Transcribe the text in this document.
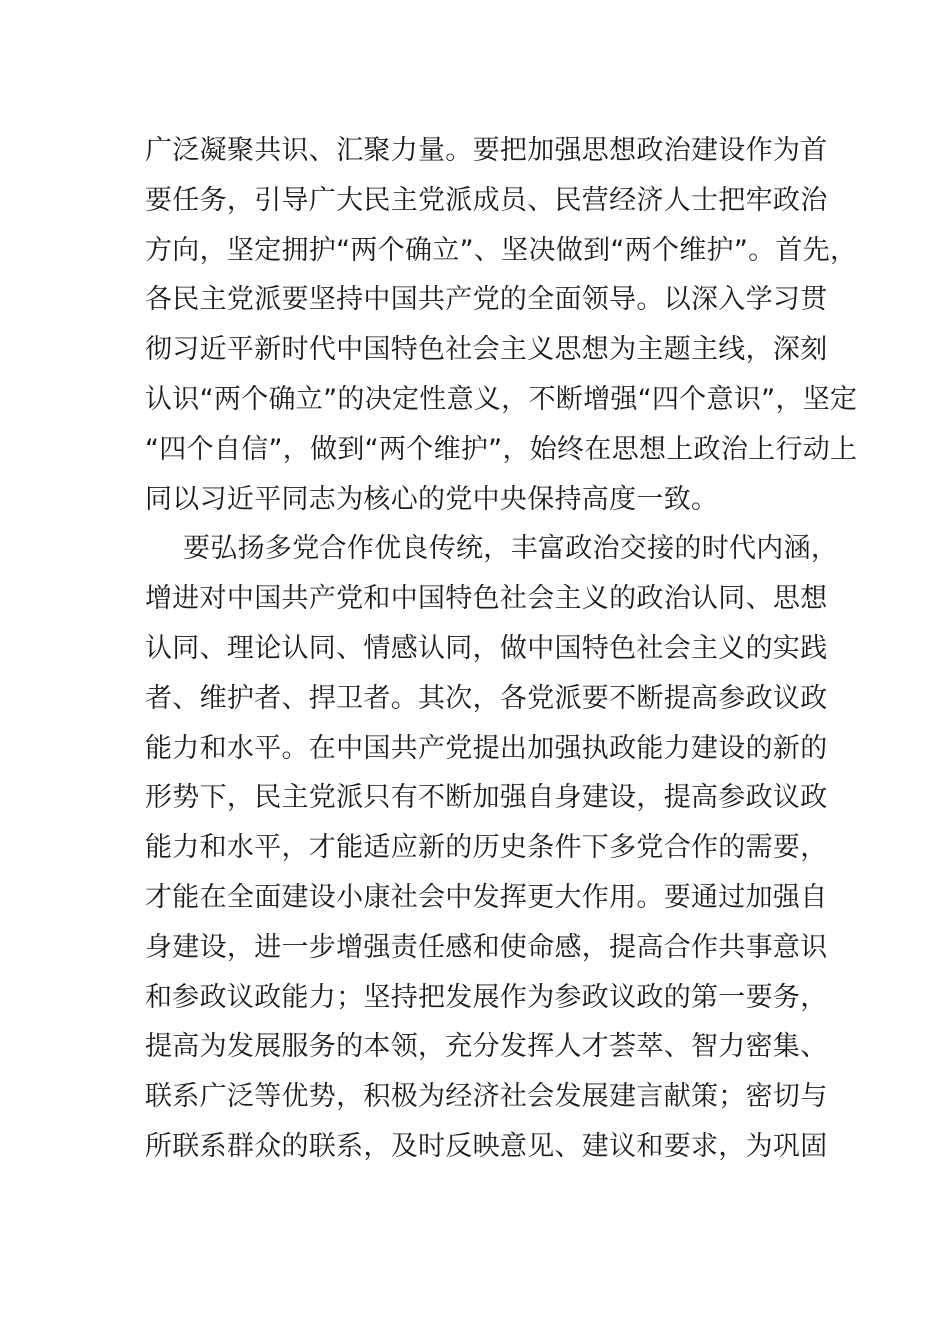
广泛凝聚共识、汇聚力量。要把加强思想政治建设作为首
要任务，引导广大民主党派成员、民营经济人士把牢政治
方向，坚定拥护“两个确立”、坚决做到“两个维护”。首先，
各民主党派要坚持中国共产党的全面领导。以深入学习贯
彻习近平新时代中国特色社会主义思想为主题主线，深刻
认识“两个确立”的决定性意义，不断增强“四个意识”，坚定
“四个自信”，做到“两个维护”，始终在思想上政治上行动上
同以习近平同志为核心的党中央保持高度一致。
要弘扬多党合作优良传统，丰富政治交接的时代内涵，
增进对中国共产党和中国特色社会主义的政治认同、思想
认同、理论认同、情感认同，做中国特色社会主义的实践
者、维护者、捍卫者。其次，各党派要不断提高参政议政
能力和水平。在中国共产党提出加强执政能力建设的新的
形势下，民主党派只有不断加强自身建设，提高参政议政
能力和水平，才能适应新的历史条件下多党合作的需要，
才能在全面建设小康社会中发挥更大作用。要通过加强自
身建设，进一步增强责任感和使命感，提高合作共事意识
和参政议政能力；坚持把发展作为参政议政的第一要务，
提高为发展服务的本领，充分发挥人才荟萃、智力密集、
联系广泛等优势，积极为经济社会发展建言献策；密切与
所联系群众的联系，及时反映意见、建议和要求，为巩固
